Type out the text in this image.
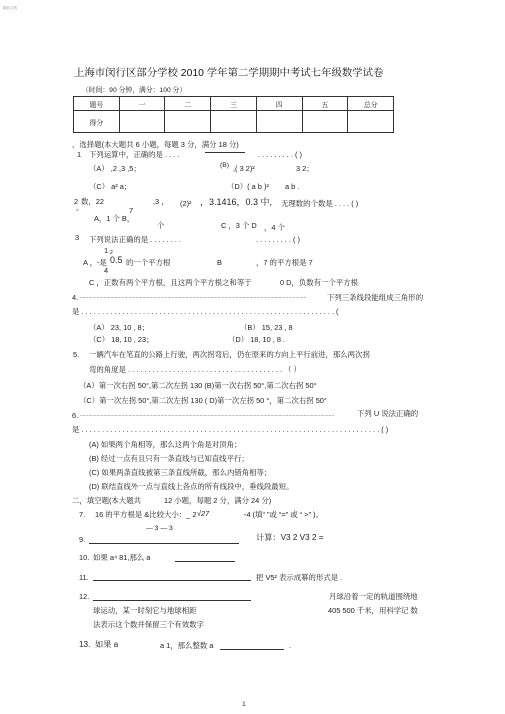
精品文档
上海市闵行区部分学校 2010 学年第二学期期中考试七年级数学试卷
（时间：90 分钟，满分：100 分）
题号	一	二	三	四	五	总分
得分						
、选择题(本大题共 6 小题，每题 3 分，满分 18 分)
1 下列运算中，正确的是 . . . .	. . . . . . . . . ( )
（A） ,2 ,3 ,5；	(B) ,( 3 2)²	3 2；
（C） a² a；	（D）( a b )² a b .
2 数，22	,3 ， (2)² ，3.1416，0.3 中, 无理数的个数是 . . . . ( )
7
。
A，1 个 B，
个	C ，3 个 D ，4 个
3 下列说法正确的是 . . . . . . . .	. . . . . . . . . ( )
1 2
A ，-是 0.5 的一个平方根	B	，7 的平方根是 7
4
C ，正数有两个平方根，且这两个平方根之和等于	0 D，负数有一个平方根
4. ...................................................................................................................................................................	下列三条线段能组成三角形的
是 . . . . . . . . . . . . . . . . . . . . . . . . . . . . . . . . . . . . . . . . . . . . . . . . . . . . . . . . . . . . . . (
（A） 23, 10 , 8；	（B） 15, 23 , 8
（C） 18, 10 , 23；	（D） 18, 10 , 8 .
5. 一辆汽车在笔直的公路上行驶，两次拐弯后，仍在原来的方向上平行前进，那么两次拐
弯的角度是 . . . . . . . . . . . . . . . . . . . . . . . . . . . . . . . . . . . . . . （ ）
（A）第一次右拐 50°,第二次左拐 130 (B)第一次右拐 50°,第二次右拐 50°
（C）第一次左拐 50°,第二次左拐 130 ( D)第一次左拐 50 °，第二次右拐 50°
6. .......................................................................................................................................................................................	下列 U 说法正确的
是 . . . . . . . . . . . . . . . . . . . . . . . . . . . . . . . . . . . . . . . . . . . . . . . . . . . . . . . . . . . . . . . . . . . . . . . . . ( )
(A) 如果两个角相等，那么这两个角是对顶角；
(B) 经过一点有且只有一条直线与已知直线平行；
(C) 如果两条直线被第三条直线所截，那么内错角相等；
(D) 联结直线外一点与直线上各点的所有线段中，垂线段最短。
二，填空题(本大题共	12 小题，每题 2 分，满分 24 分)
7. 16 的平方根是 &比较大小：_ 2 √27	-4 (填“ ”或 “=” 或 “ >” )。
— 3 — 3
9.	计算：V3 2 V3 2 =
10. 如果 a⁴ 81,那么 a
11.	把 V5² 表示成幂的形式是 .
12.	月球沿着一定的轨道围绕地
球运动，某一时刻它与地球相距	405 500 千米，用科学记 数
法表示这个数并保留三个有效数字
13. 如果 a	a 1，那么整数 a	.
1
